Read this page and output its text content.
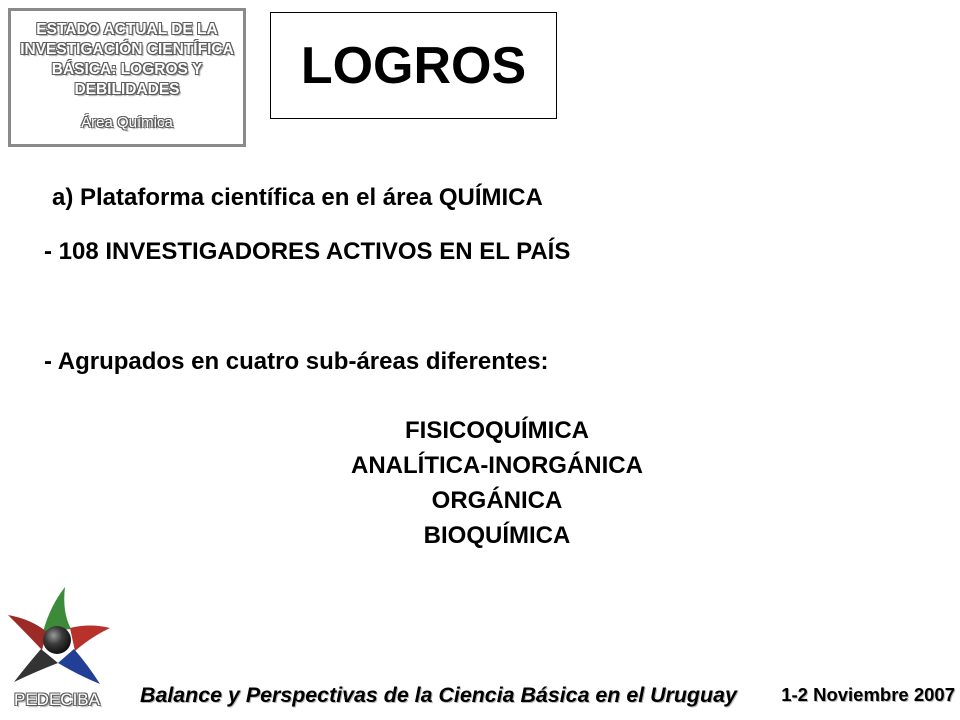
ESTADO ACTUAL DE LA
INVESTIGACIÓN CIENTÍFICA
BÁSICA: LOGROS Y
DEBILIDADES
Área Química
LOGROS
a) Plataforma científica en el área QUÍMICA
- 108 INVESTIGADORES ACTIVOS EN EL PAÍS
- Agrupados en cuatro sub-áreas diferentes:
FISICOQUÍMICA
ANALÍTICA-INORGÁNICA
ORGÁNICA
BIOQUÍMICA
PEDECIBA Balance y Perspectivas de la Ciencia Básica en el Uruguay 1-2 Noviembre 2007
